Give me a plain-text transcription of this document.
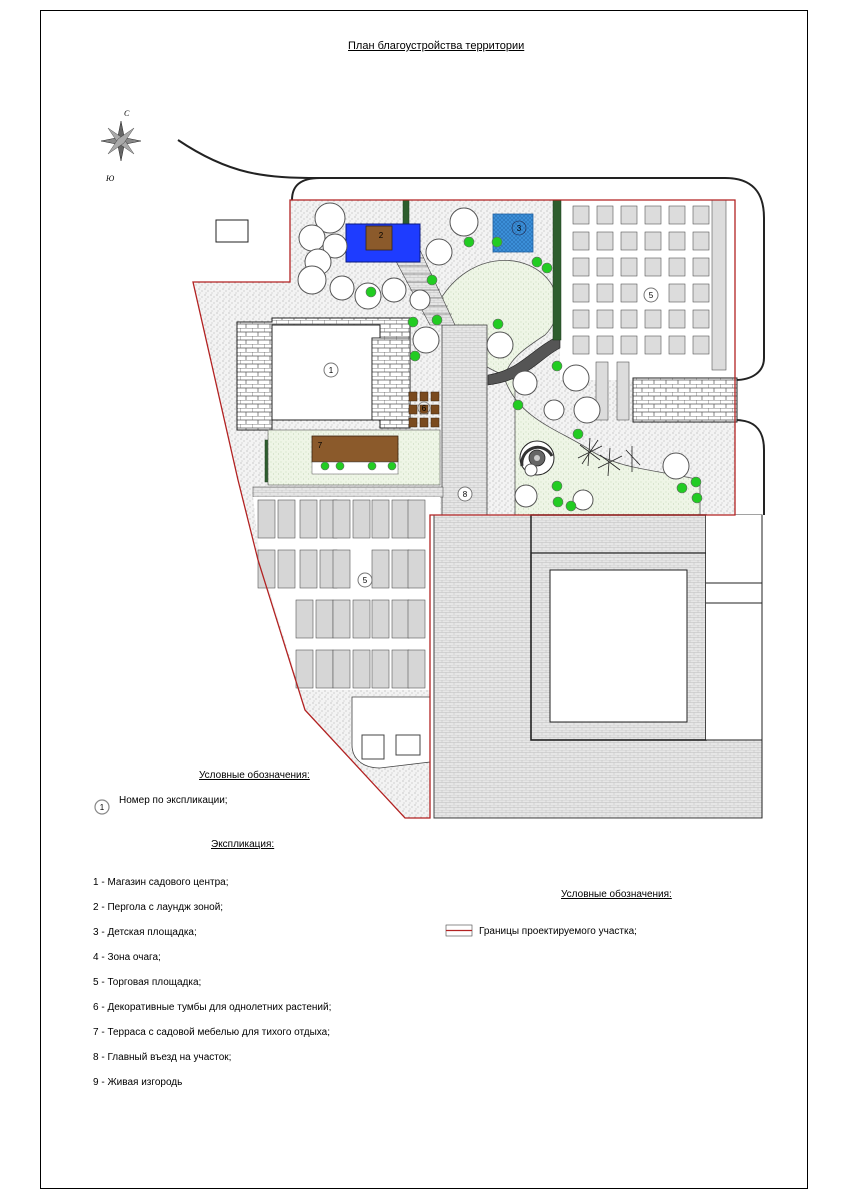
План благоустройства территории
С
Ю
1
2
3
5
5
6
7
8
1
Условные обозначения:
Номер по экспликации;
Экспликация:
1 - Магазин садового центра;
2 - Пергола с лаундж зоной;
3 - Детская площадка;
4 - Зона очага;
5 - Торговая площадка;
6 - Декоративные тумбы для однолетних растений;
7 - Терраса с садовой мебелью для тихого отдыха;
8 - Главный въезд на участок;
9 - Живая изгородь
Условные обозначения:
Границы проектируемого участка;
